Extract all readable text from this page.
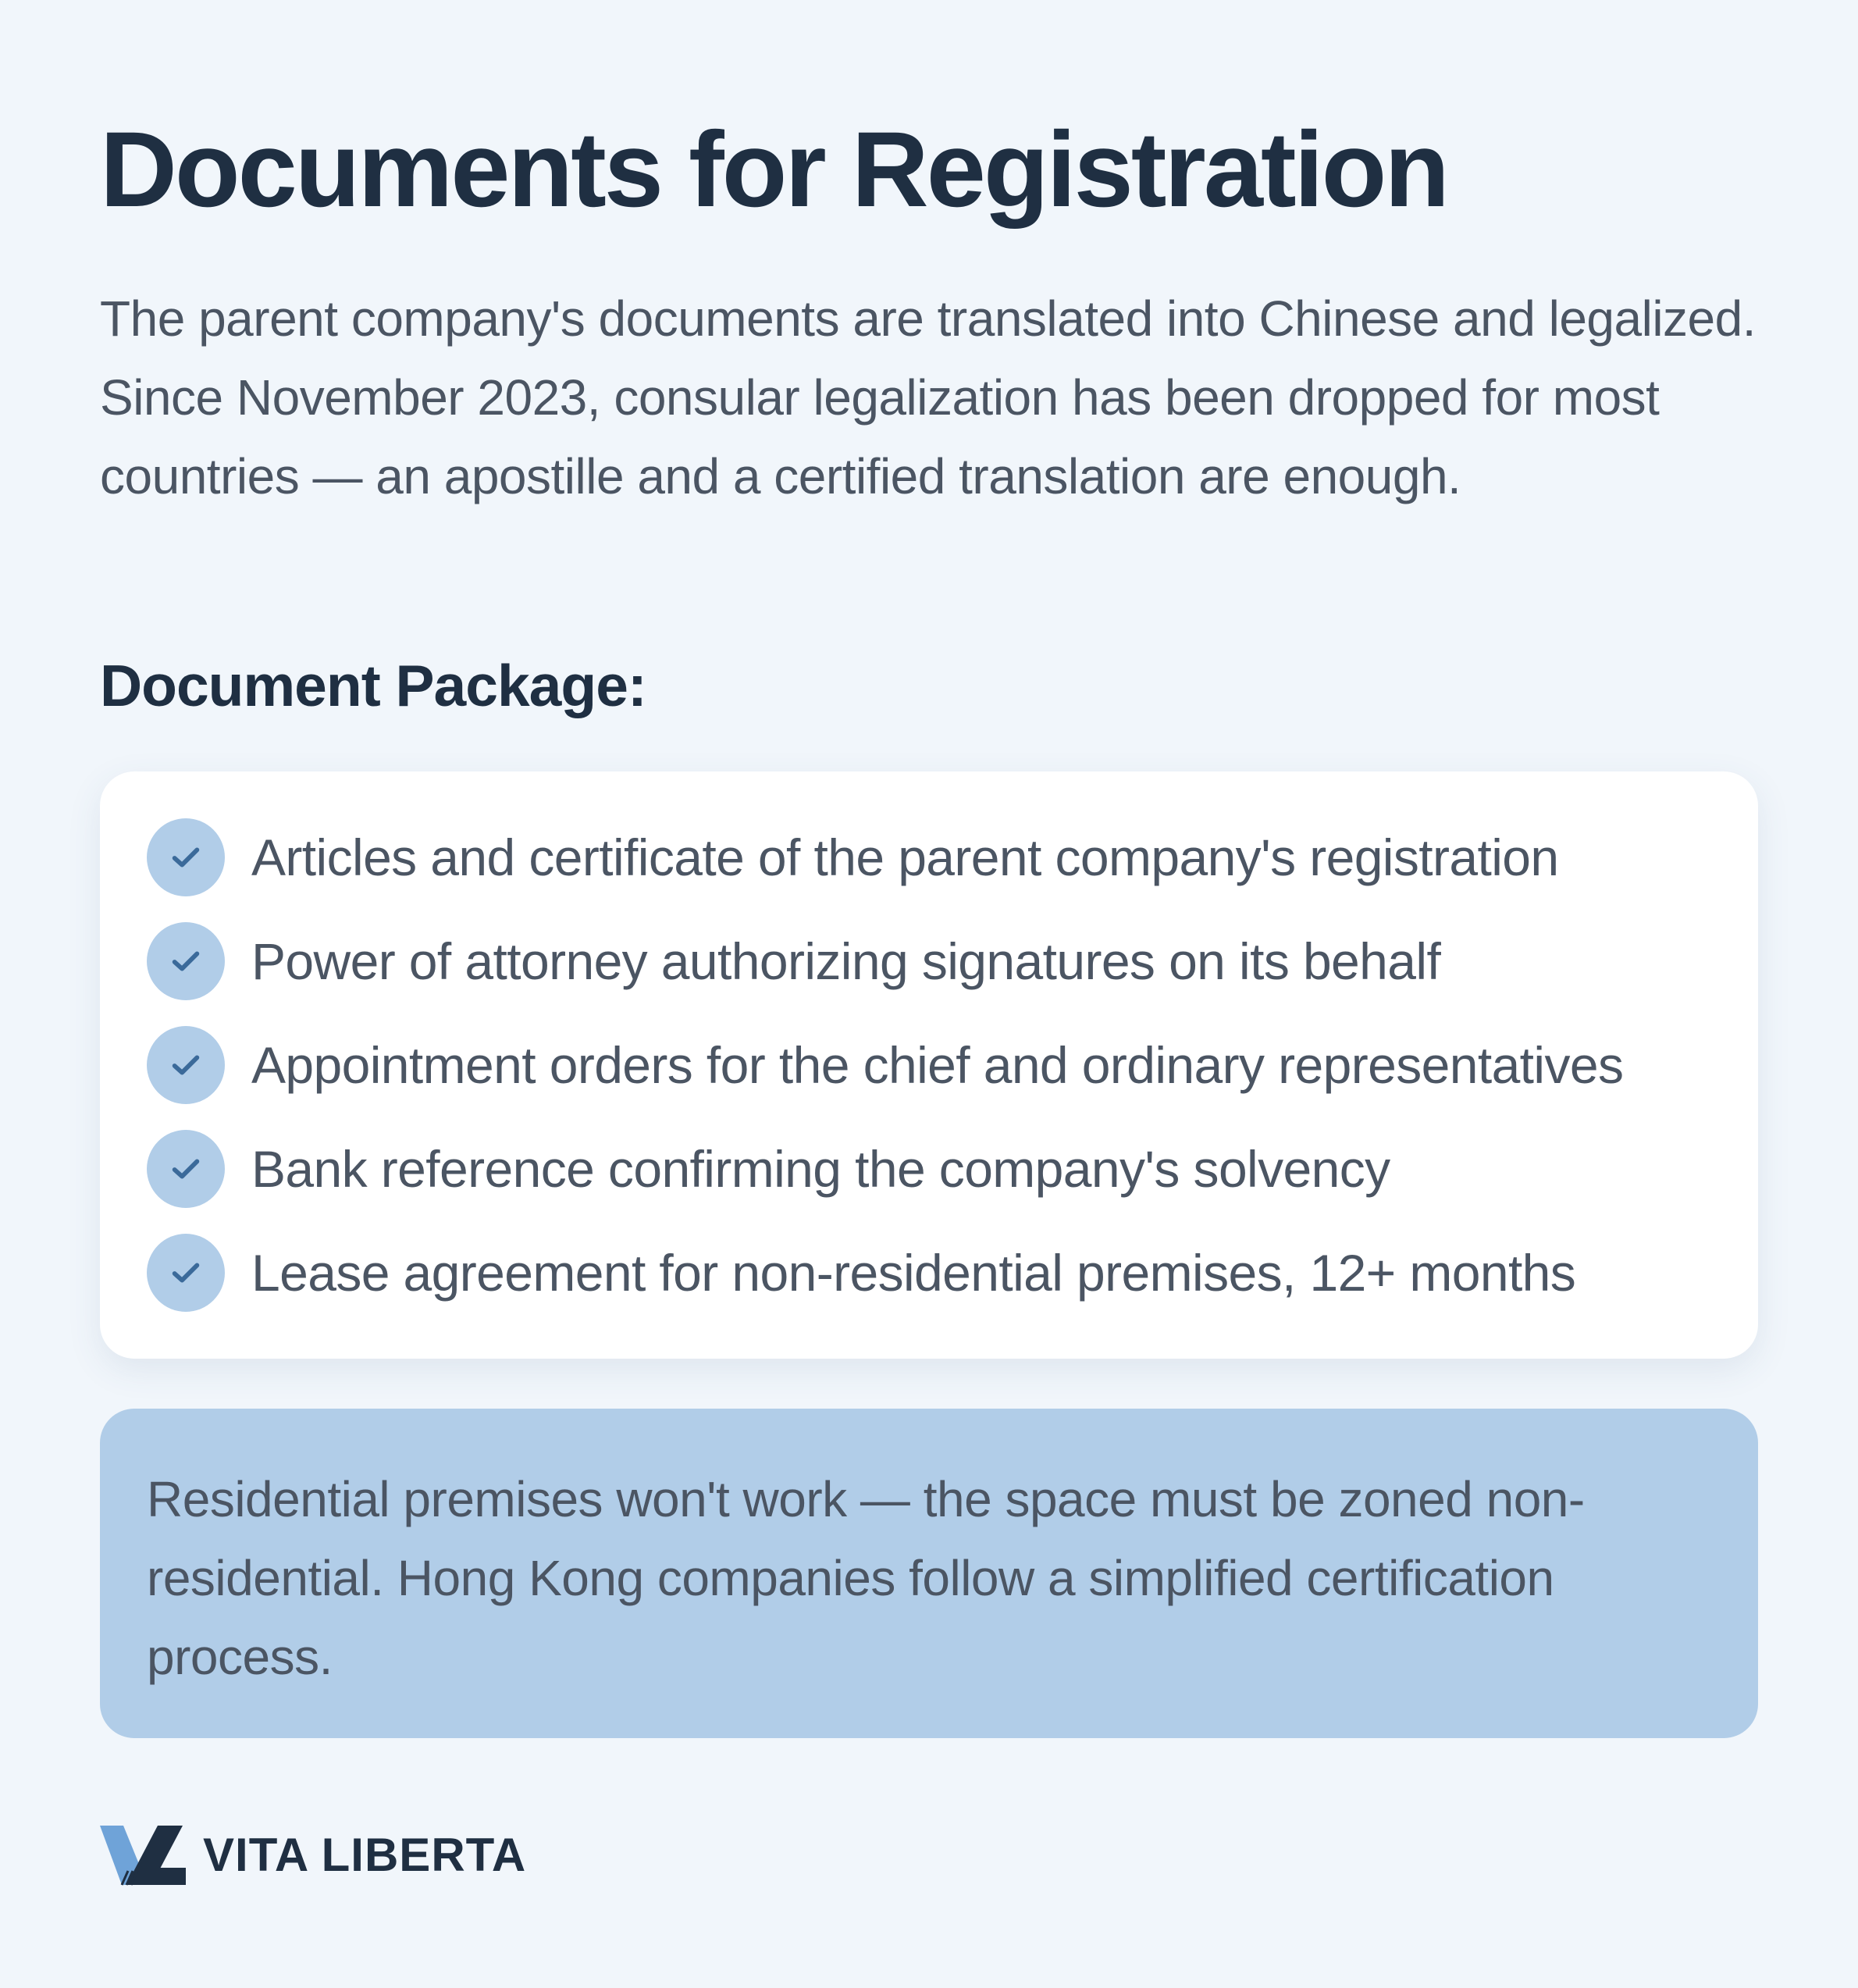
Documents for Registration

The parent company's documents are translated into Chinese and legalized. Since November 2023, consular legalization has been dropped for most countries — an apostille and a certified translation are enough.

Document Package:
Articles and certificate of the parent company's registration
Power of attorney authorizing signatures on its behalf
Appointment orders for the chief and ordinary representatives
Bank reference confirming the company's solvency
Lease agreement for non-residential premises, 12+ months

Residential premises won't work — the space must be zoned non-residential. Hong Kong companies follow a simplified certification process.

VITA LIBERTA
